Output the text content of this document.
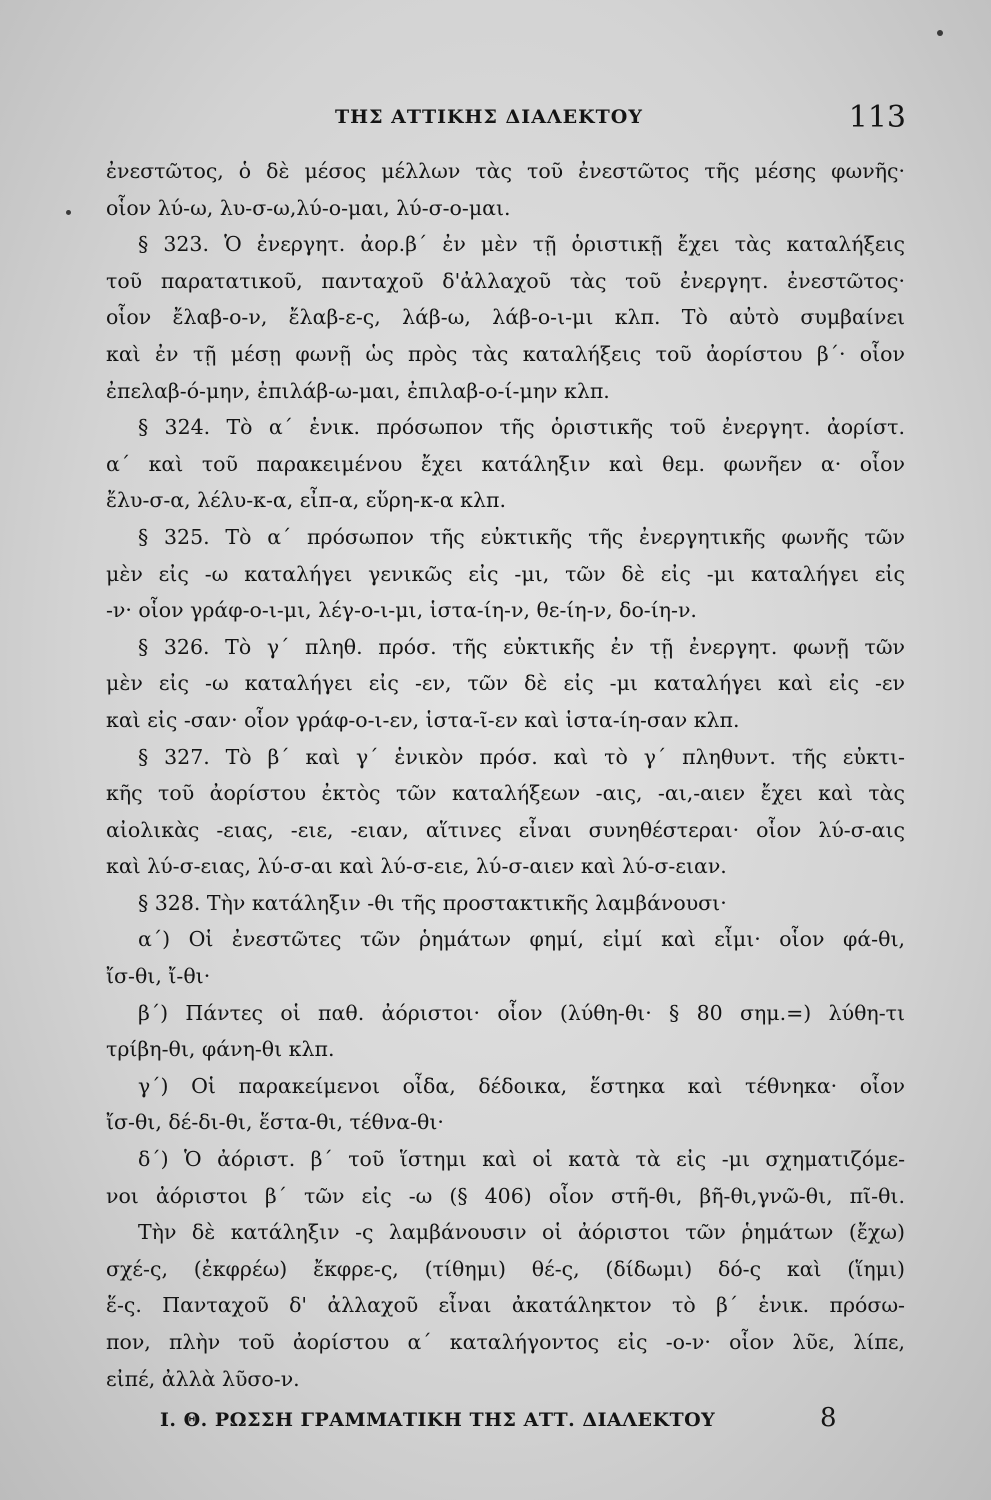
ΤΗΣ ΑΤΤΙΚΗΣ ΔΙΑΛΕΚΤΟΥ	113
ἐνεστῶτος, ὁ δὲ μέσος μέλλων τὰς τοῦ ἐνεστῶτος τῆς μέσης φωνῆς·
οἷον λύ-ω, λυ-σ-ω,λύ-ο-μαι, λύ-σ-ο-μαι.
§ 323. Ὁ ἐνεργητ. ἀορ.β΄ ἐν μὲν τῇ ὁριστικῇ ἔχει τὰς καταλήξεις
τοῦ παρατατικοῦ, πανταχοῦ δ'ἀλλαχοῦ τὰς τοῦ ἐνεργητ. ἐνεστῶτος·
οἷον ἔλαβ-ο-ν, ἔλαβ-ε-ς, λάβ-ω, λάβ-ο-ι-μι κλπ. Τὸ αὐτὸ συμβαίνει
καὶ ἐν τῇ μέσῃ φωνῇ ὡς πρὸς τὰς καταλήξεις τοῦ ἀορίστου β΄· οἷον
ἐπελαβ-ό-μην, ἐπιλάβ-ω-μαι, ἐπιλαβ-ο-ί-μην κλπ.
§ 324. Τὸ α΄ ἑνικ. πρόσωπον τῆς ὁριστικῆς τοῦ ἐνεργητ. ἀορίστ.
α΄ καὶ τοῦ παρακειμένου ἔχει κατάληξιν καὶ θεμ. φωνῆεν α· οἷον
ἔλυ-σ-α, λέλυ-κ-α, εἶπ-α, εὕρη-κ-α κλπ.
§ 325. Τὸ α΄ πρόσωπον τῆς εὐκτικῆς τῆς ἐνεργητικῆς φωνῆς τῶν
μὲν εἰς -ω καταλήγει γενικῶς εἰς -μι, τῶν δὲ εἰς -μι καταλήγει εἰς
-ν· οἷον γράφ-ο-ι-μι, λέγ-ο-ι-μι, ἱστα-ίη-ν, θε-ίη-ν, δο-ίη-ν.
§ 326. Τὸ γ΄ πληθ. πρόσ. τῆς εὐκτικῆς ἐν τῇ ἐνεργητ. φωνῇ τῶν
μὲν εἰς -ω καταλήγει εἰς -εν, τῶν δὲ εἰς -μι καταλήγει καὶ εἰς -εν
καὶ εἰς -σαν· οἷον γράφ-ο-ι-εν, ἱστα-ῖ-εν καὶ ἱστα-ίη-σαν κλπ.
§ 327. Τὸ β΄ καὶ γ΄ ἑνικὸν πρόσ. καὶ τὸ γ΄ πληθυντ. τῆς εὐκτι-
κῆς τοῦ ἀορίστου ἐκτὸς τῶν καταλήξεων -αις, -αι,-αιεν ἔχει καὶ τὰς
αἰολικὰς -ειας, -ειε, -ειαν, αἵτινες εἶναι συνηθέστεραι· οἷον λύ-σ-αις
καὶ λύ-σ-ειας, λύ-σ-αι καὶ λύ-σ-ειε, λύ-σ-αιεν καὶ λύ-σ-ειαν.
§ 328. Τὴν κατάληξιν -θι τῆς προστακτικῆς λαμβάνουσι·
α΄) Οἱ ἐνεστῶτες τῶν ῥημάτων φημί, εἰμί καὶ εἶμι· οἷον φά-θι,
ἴσ-θι, ἴ-θι·
β΄) Πάντες οἱ παθ. ἀόριστοι· οἷον (λύθη-θι· § 80 σημ.=) λύθη-τι
τρίβη-θι, φάνη-θι κλπ.
γ΄) Οἱ παρακείμενοι οἶδα, δέδοικα, ἕστηκα καὶ τέθνηκα· οἷον
ἴσ-θι, δέ-δι-θι, ἕστα-θι, τέθνα-θι·
δ΄) Ὁ ἀόριστ. β΄ τοῦ ἵστημι καὶ οἱ κατὰ τὰ εἰς -μι σχηματιζόμε-
νοι ἀόριστοι β΄ τῶν εἰς -ω (§ 406) οἷον στῆ-θι, βῆ-θι,γνῶ-θι, πῖ-θι.
Τὴν δὲ κατάληξιν -ς λαμβάνουσιν οἱ ἀόριστοι τῶν ῥημάτων (ἔχω)
σχέ-ς, (ἐκφρέω) ἔκφρε-ς, (τίθημι) θέ-ς, (δίδωμι) δό-ς καὶ (ἵημι)
ἕ-ς. Πανταχοῦ δ' ἀλλαχοῦ εἶναι ἀκατάληκτον τὸ β΄ ἑνικ. πρόσω-
πον, πλὴν τοῦ ἀορίστου α΄ καταλήγοντος εἰς -ο-ν· οἷον λῦε, λίπε,
εἰπέ, ἀλλὰ λῦσο-ν.
Ι. Θ. ΡΩΣΣΗ ΓΡΑΜΜΑΤΙΚΗ ΤΗΣ ΑΤΤ. ΔΙΑΛΕΚΤΟΥ	8
